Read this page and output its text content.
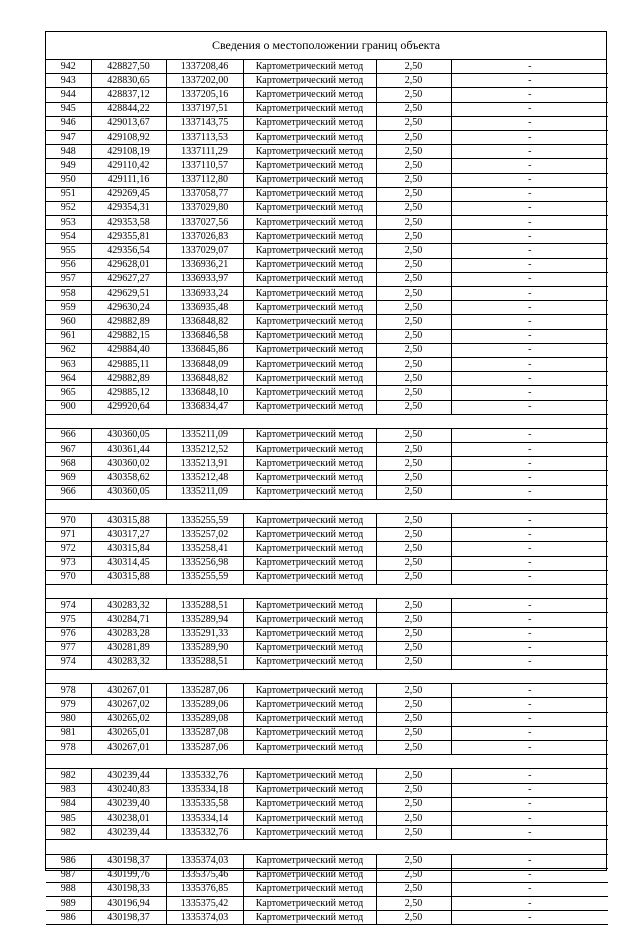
Сведения о местоположении границ объекта
942	428827,50	1337208,46	Картометрический метод	2,50	-
943	428830,65	1337202,00	Картометрический метод	2,50	-
944	428837,12	1337205,16	Картометрический метод	2,50	-
945	428844,22	1337197,51	Картометрический метод	2,50	-
946	429013,67	1337143,75	Картометрический метод	2,50	-
947	429108,92	1337113,53	Картометрический метод	2,50	-
948	429108,19	1337111,29	Картометрический метод	2,50	-
949	429110,42	1337110,57	Картометрический метод	2,50	-
950	429111,16	1337112,80	Картометрический метод	2,50	-
951	429269,45	1337058,77	Картометрический метод	2,50	-
952	429354,31	1337029,80	Картометрический метод	2,50	-
953	429353,58	1337027,56	Картометрический метод	2,50	-
954	429355,81	1337026,83	Картометрический метод	2,50	-
955	429356,54	1337029,07	Картометрический метод	2,50	-
956	429628,01	1336936,21	Картометрический метод	2,50	-
957	429627,27	1336933,97	Картометрический метод	2,50	-
958	429629,51	1336933,24	Картометрический метод	2,50	-
959	429630,24	1336935,48	Картометрический метод	2,50	-
960	429882,89	1336848,82	Картометрический метод	2,50	-
961	429882,15	1336846,58	Картометрический метод	2,50	-
962	429884,40	1336845,86	Картометрический метод	2,50	-
963	429885,11	1336848,09	Картометрический метод	2,50	-
964	429882,89	1336848,82	Картометрический метод	2,50	-
965	429885,12	1336848,10	Картометрический метод	2,50	-
900	429920,64	1336834,47	Картометрический метод	2,50	-

966	430360,05	1335211,09	Картометрический метод	2,50	-
967	430361,44	1335212,52	Картометрический метод	2,50	-
968	430360,02	1335213,91	Картометрический метод	2,50	-
969	430358,62	1335212,48	Картометрический метод	2,50	-
966	430360,05	1335211,09	Картометрический метод	2,50	-

970	430315,88	1335255,59	Картометрический метод	2,50	-
971	430317,27	1335257,02	Картометрический метод	2,50	-
972	430315,84	1335258,41	Картометрический метод	2,50	-
973	430314,45	1335256,98	Картометрический метод	2,50	-
970	430315,88	1335255,59	Картометрический метод	2,50	-

974	430283,32	1335288,51	Картометрический метод	2,50	-
975	430284,71	1335289,94	Картометрический метод	2,50	-
976	430283,28	1335291,33	Картометрический метод	2,50	-
977	430281,89	1335289,90	Картометрический метод	2,50	-
974	430283,32	1335288,51	Картометрический метод	2,50	-

978	430267,01	1335287,06	Картометрический метод	2,50	-
979	430267,02	1335289,06	Картометрический метод	2,50	-
980	430265,02	1335289,08	Картометрический метод	2,50	-
981	430265,01	1335287,08	Картометрический метод	2,50	-
978	430267,01	1335287,06	Картометрический метод	2,50	-

982	430239,44	1335332,76	Картометрический метод	2,50	-
983	430240,83	1335334,18	Картометрический метод	2,50	-
984	430239,40	1335335,58	Картометрический метод	2,50	-
985	430238,01	1335334,14	Картометрический метод	2,50	-
982	430239,44	1335332,76	Картометрический метод	2,50	-

986	430198,37	1335374,03	Картометрический метод	2,50	-
987	430199,76	1335375,46	Картометрический метод	2,50	-
988	430198,33	1335376,85	Картометрический метод	2,50	-
989	430196,94	1335375,42	Картометрический метод	2,50	-
986	430198,37	1335374,03	Картометрический метод	2,50	-
